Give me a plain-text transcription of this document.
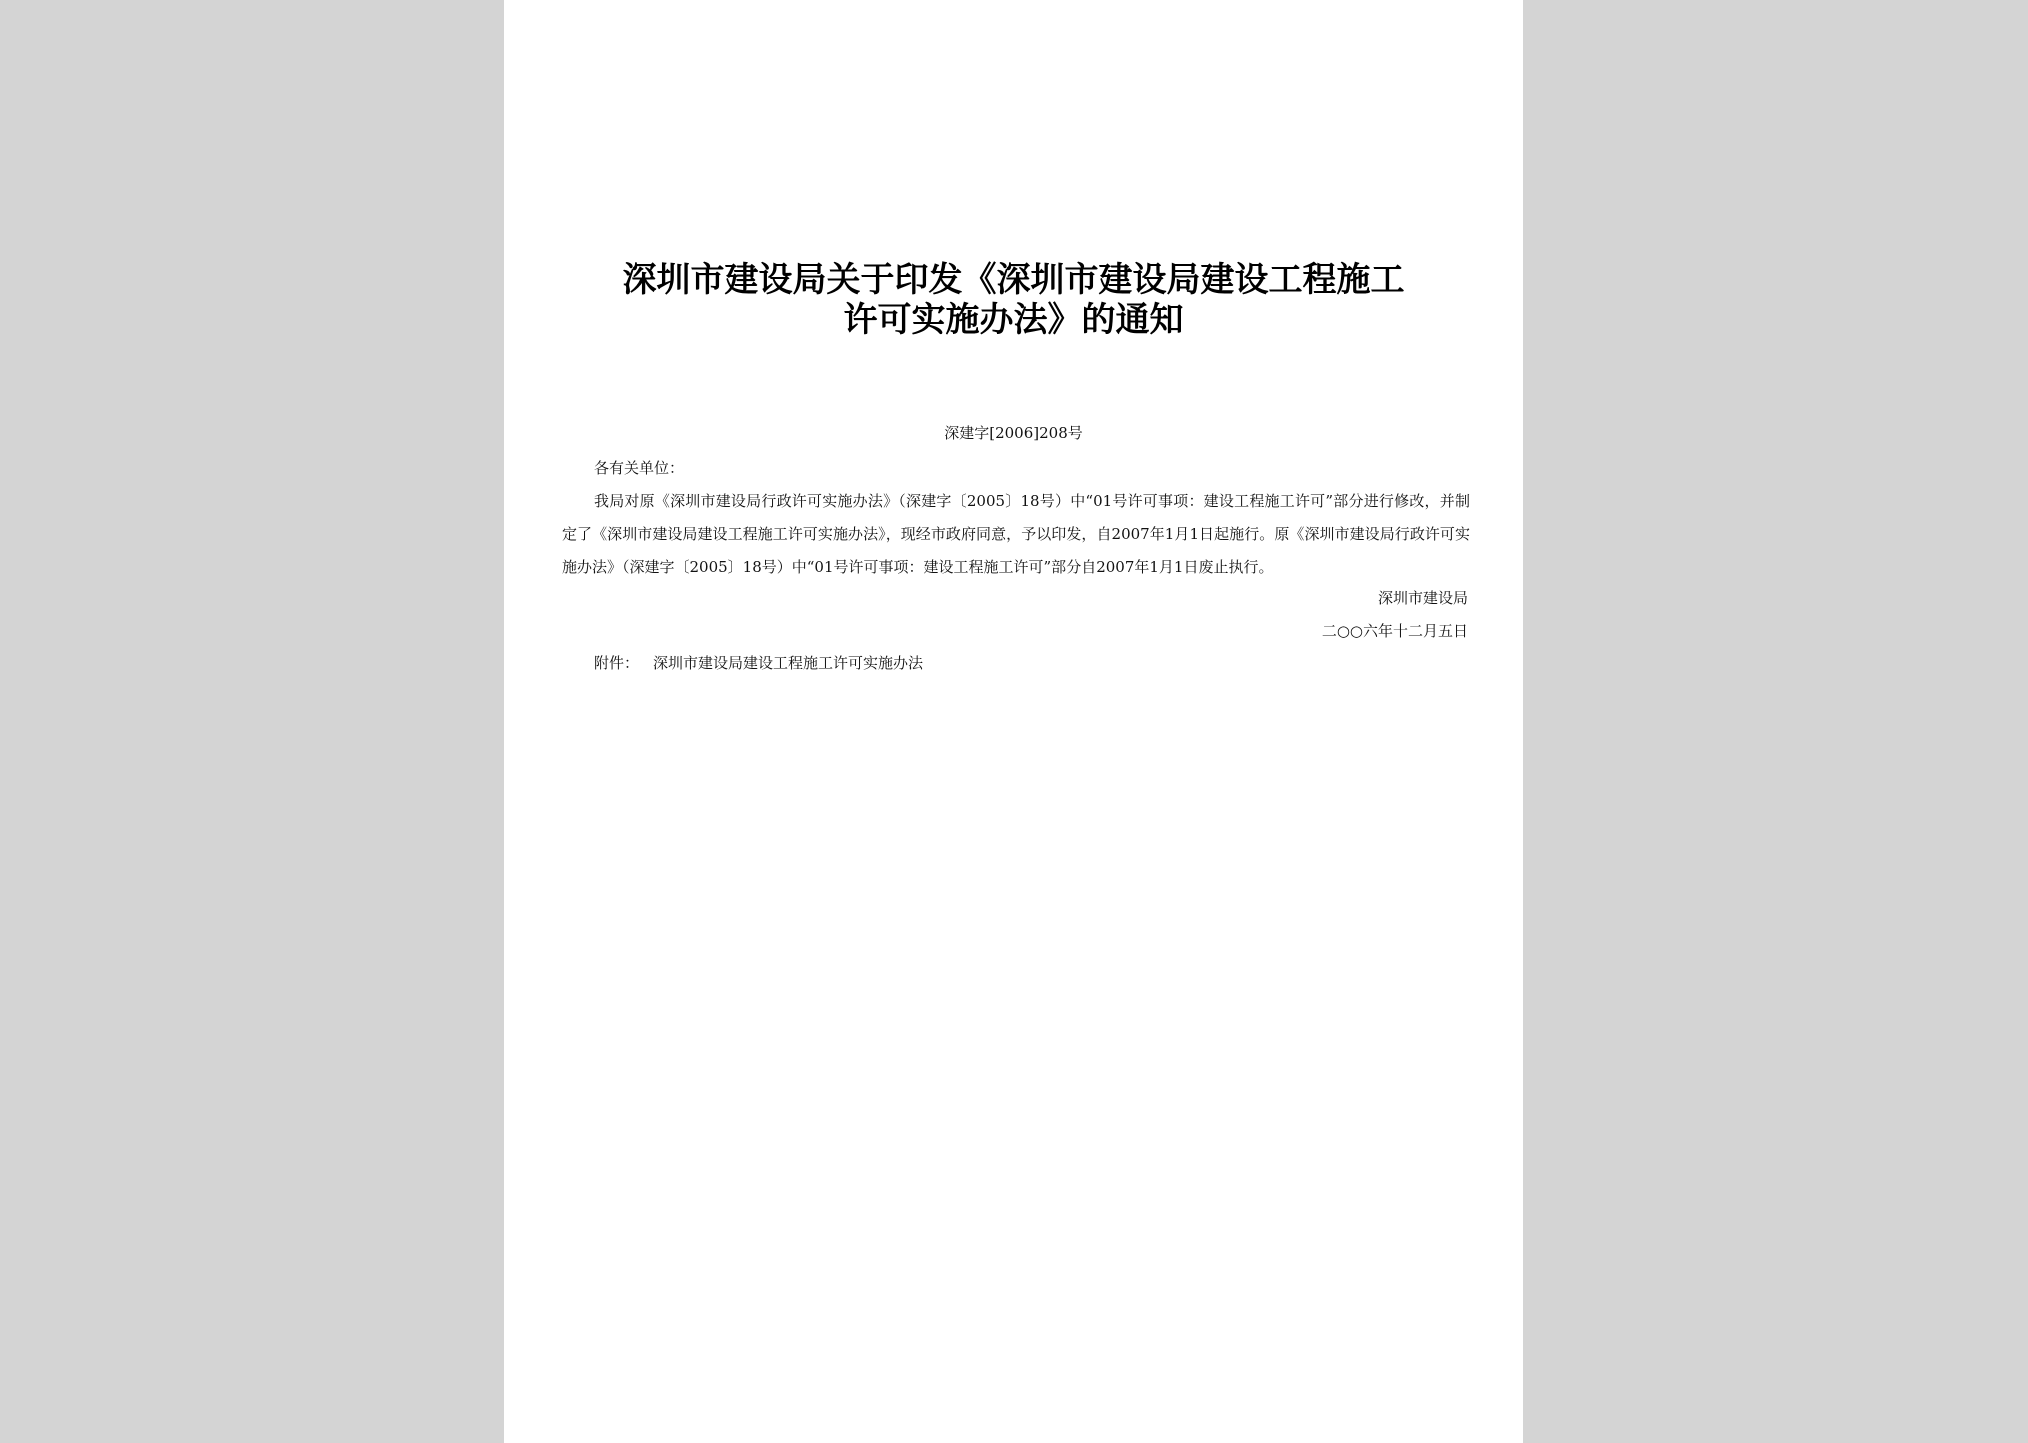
深圳市建设局关于印发《深圳市建设局建设工程施工
许可实施办法》的通知
深建字[2006]208号
各有关单位：
我局对原《深圳市建设局行政许可实施办法》（深建字〔2005〕18号）中“01号许可事项：建设工程施工许可”部分进行修改，并制定了《深圳市建设局建设工程施工许可实施办法》，现经市政府同意，予以印发，自2007年1月1日起施行。原《深圳市建设局行政许可实施办法》（深建字〔2005〕18号）中“01号许可事项：建设工程施工许可”部分自2007年1月1日废止执行。
深圳市建设局
二○○六年十二月五日
附件： 深圳市建设局建设工程施工许可实施办法
